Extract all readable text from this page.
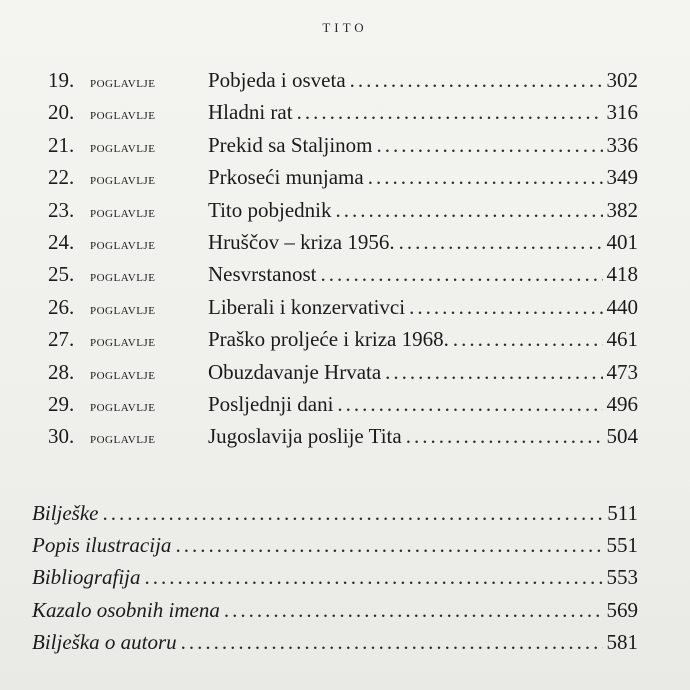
TITO
19.	poglavlje	Pobjeda i osveta .....	302
20.	poglavlje	Hladni rat .....	316
21.	poglavlje	Prekid sa Staljinom .....	336
22.	poglavlje	Prkoseći munjama .....	349
23.	poglavlje	Tito pobjednik .....	382
24.	poglavlje	Hruščov – kriza 1956. .....	401
25.	poglavlje	Nesvrstanost .....	418
26.	poglavlje	Liberali i konzervativci .....	440
27.	poglavlje	Praško proljeće i kriza 1968. .....	461
28.	poglavlje	Obuzdavanje Hrvata .....	473
29.	poglavlje	Posljednji dani .....	496
30.	poglavlje	Jugoslavija poslije Tita .....	504
Bilješke .....	511
Popis ilustracija .....	551
Bibliografija .....	553
Kazalo osobnih imena .....	569
Bilješka o autoru .....	581
